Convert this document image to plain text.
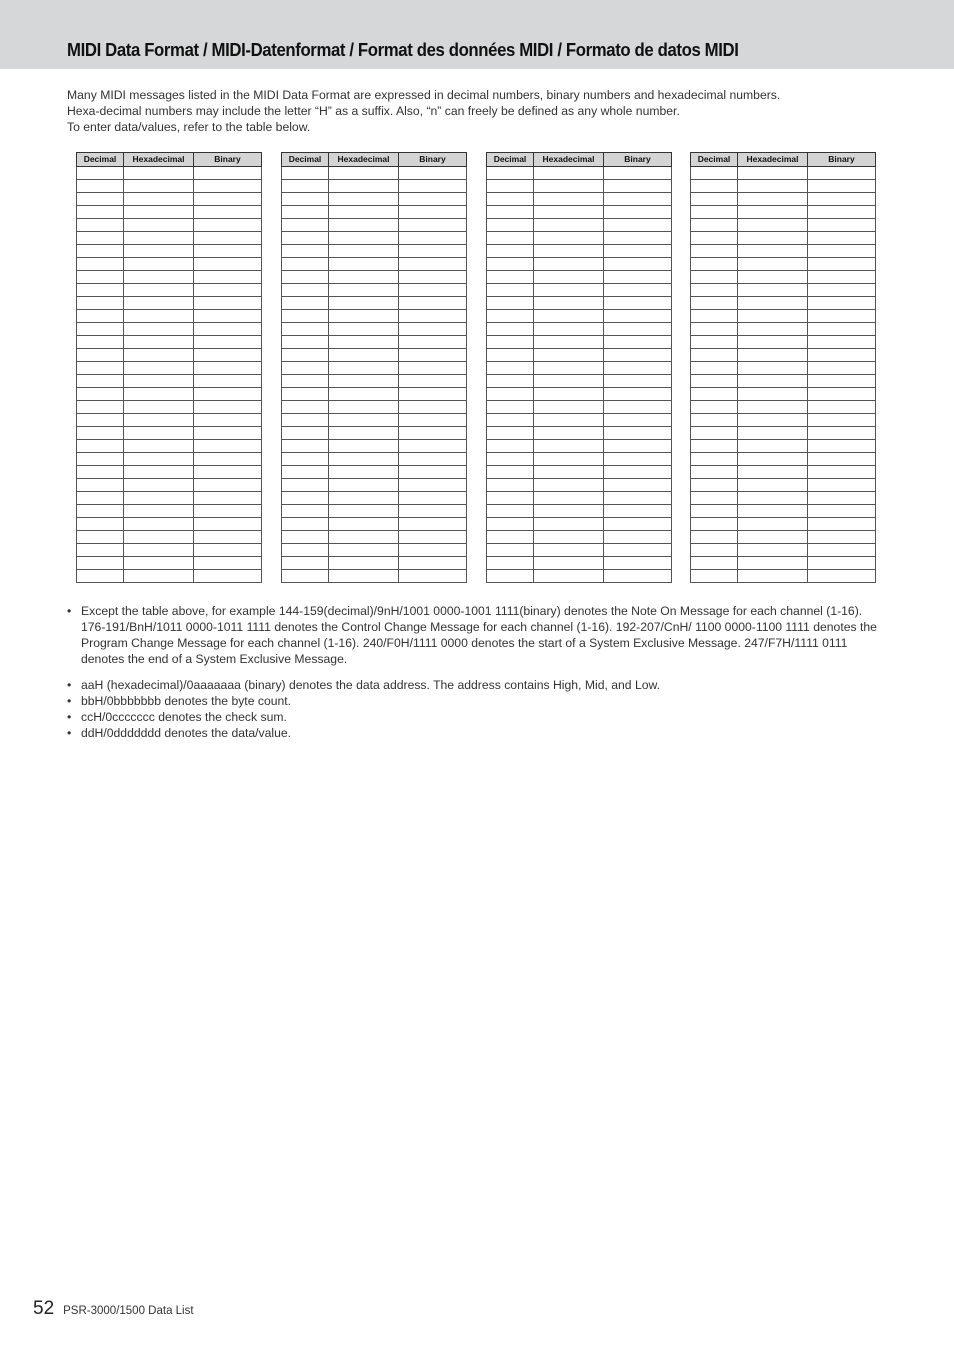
MIDI Data Format / MIDI-Datenformat / Format des données MIDI / Formato de datos MIDI

Many MIDI messages listed in the MIDI Data Format are expressed in decimal numbers, binary numbers and hexadecimal numbers.

Hexa-decimal numbers may include the letter “H” as a suffix. Also, “n” can freely be defined as any whole number.

To enter data/values, refer to the table below.

Decimal	Hexadecimal	Binary

			Decimal	Hexadecimal	Binary

			Decimal	Hexadecimal	Binary

			Decimal	Hexadecimal	Binary

• Except the table above, for example 144-159(decimal)/9nH/1001 0000-1001 1111(binary) denotes the Note On Message for each channel (1-16). 176-191/BnH/1011 0000-1011 1111 denotes the Control Change Message for each channel (1-16). 192-207/CnH/ 1100 0000-1100 1111 denotes the Program Change Message for each channel (1-16). 240/F0H/1111 0000 denotes the start of a System Exclusive Message. 247/F7H/1111 0111 denotes the end of a System Exclusive Message.
• aaH (hexadecimal)/0aaaaaaa (binary) denotes the data address. The address contains High, Mid, and Low.
• bbH/0bbbbbbb denotes the byte count.
• ccH/0ccccccc denotes the check sum.
• ddH/0ddddddd denotes the data/value.
52 PSR-3000/1500 Data List
